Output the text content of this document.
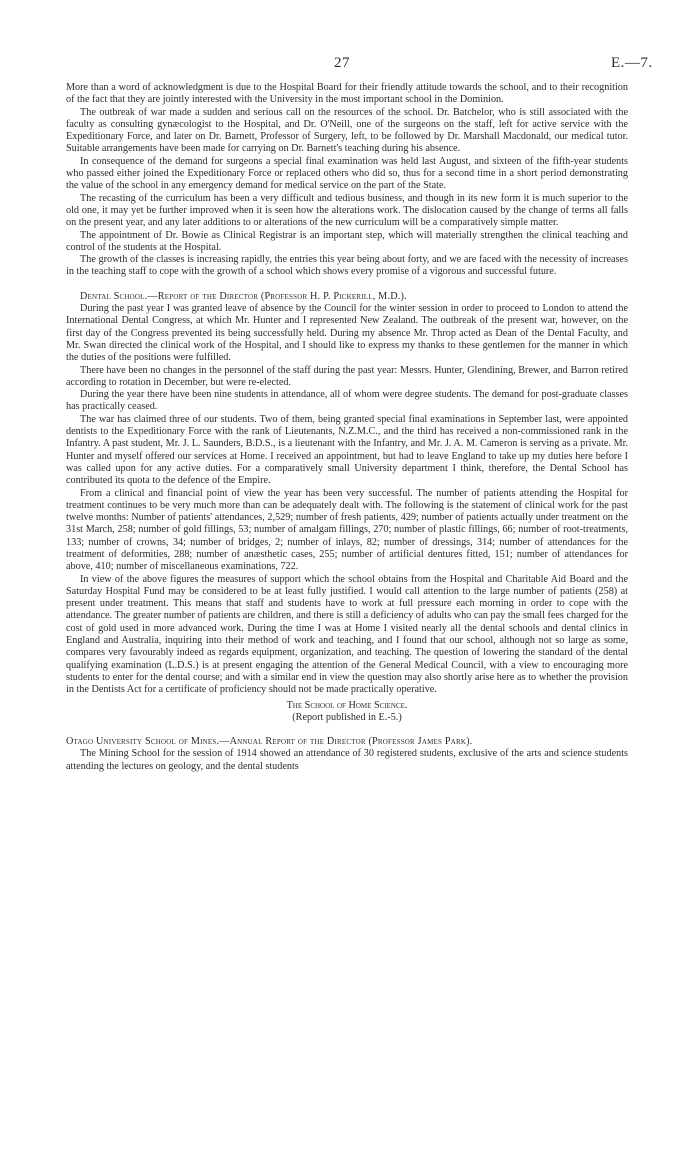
27	E.—7.

More than a word of acknowledgment is due to the Hospital Board for their friendly attitude towards the school, and to their recognition of the fact that they are jointly interested with the University in the most important school in the Dominion.

The outbreak of war made a sudden and serious call on the resources of the school. Dr. Batchelor, who is still associated with the faculty as consulting gynæcologist to the Hospital, and Dr. O'Neill, one of the surgeons on the staff, left for active service with the Expeditionary Force, and later on Dr. Barnett, Professor of Surgery, left, to be followed by Dr. Marshall Macdonald, our medical tutor. Suitable arrangements have been made for carrying on Dr. Barnett's teaching during his absence.

In consequence of the demand for surgeons a special final examination was held last August, and sixteen of the fifth-year students who passed either joined the Expeditionary Force or replaced others who did so, thus for a second time in a short period demonstrating the value of the school in any emergency demand for medical service on the part of the State.

The recasting of the curriculum has been a very difficult and tedious business, and though in its new form it is much superior to the old one, it may yet be further improved when it is seen how the alterations work. The dislocation caused by the change of terms all falls on the present year, and any later additions to or alterations of the new curriculum will be a comparatively simple matter.

The appointment of Dr. Bowie as Clinical Registrar is an important step, which will materially strengthen the clinical teaching and control of the students at the Hospital.

The growth of the classes is increasing rapidly, the entries this year being about forty, and we are faced with the necessity of increases in the teaching staff to cope with the growth of a school which shows every promise of a vigorous and successful future.

Dental School.—Report of the Director (Professor H. P. Pickerill, M.D.).

During the past year I was granted leave of absence by the Council for the winter session in order to proceed to London to attend the International Dental Congress, at which Mr. Hunter and I represented New Zealand. The outbreak of the present war, however, on the first day of the Congress prevented its being successfully held. During my absence Mr. Throp acted as Dean of the Dental Faculty, and Mr. Swan directed the clinical work of the Hospital, and I should like to express my thanks to these gentlemen for the manner in which the duties of the positions were fulfilled.

There have been no changes in the personnel of the staff during the past year: Messrs. Hunter, Glendining, Brewer, and Barron retired according to rotation in December, but were re-elected.

During the year there have been nine students in attendance, all of whom were degree students. The demand for post-graduate classes has practically ceased.

The war has claimed three of our students. Two of them, being granted special final examinations in September last, were appointed dentists to the Expeditionary Force with the rank of Lieutenants, N.Z.M.C., and the third has received a non-commissioned rank in the Infantry. A past student, Mr. J. L. Saunders, B.D.S., is a lieutenant with the Infantry, and Mr. J. A. M. Cameron is serving as a private. Mr. Hunter and myself offered our services at Home. I received an appointment, but had to leave England to take up my duties here before I was called upon for any active duties. For a comparatively small University department I think, therefore, the Dental School has contributed its quota to the defence of the Empire.

From a clinical and financial point of view the year has been very successful. The number of patients attending the Hospital for treatment continues to be very much more than can be adequately dealt with. The following is the statement of clinical work for the past twelve months: Number of patients' attendances, 2,529; number of fresh patients, 429; number of patients actually under treatment on the 31st March, 258; number of gold fillings, 53; number of amalgam fillings, 270; number of plastic fillings, 66; number of root-treatments, 133; number of crowns, 34; number of bridges, 2; number of inlays, 82; number of dressings, 314; number of attendances for the treatment of deformities, 288; number of anæsthetic cases, 255; number of artificial dentures fitted, 151; number of attendances for above, 410; number of miscellaneous examinations, 722.

In view of the above figures the measures of support which the school obtains from the Hospital and Charitable Aid Board and the Saturday Hospital Fund may be considered to be at least fully justified. I would call attention to the large number of patients (258) at present under treatment. This means that staff and students have to work at full pressure each morning in order to cope with the attendance. The greater number of patients are children, and there is still a deficiency of adults who can pay the small fees charged for the cost of gold used in more advanced work. During the time I was at Home I visited nearly all the dental schools and dental clinics in England and Australia, inquiring into their method of work and teaching, and I found that our school, although not so large as some, compares very favourably indeed as regards equipment, organization, and teaching. The question of lowering the standard of the dental qualifying examination (L.D.S.) is at present engaging the attention of the General Medical Council, with a view to encouraging more students to enter for the dental course; and with a similar end in view the question may also shortly arise here as to whether the provision in the Dentists Act for a certificate of proficiency should not be made practically operative.

The School of Home Science.
(Report published in E.-5.)
Otago University School of Mines.—Annual Report of the Director (Professor James Park).

The Mining School for the session of 1914 showed an attendance of 30 registered students, exclusive of the arts and science students attending the lectures on geology, and the dental students
